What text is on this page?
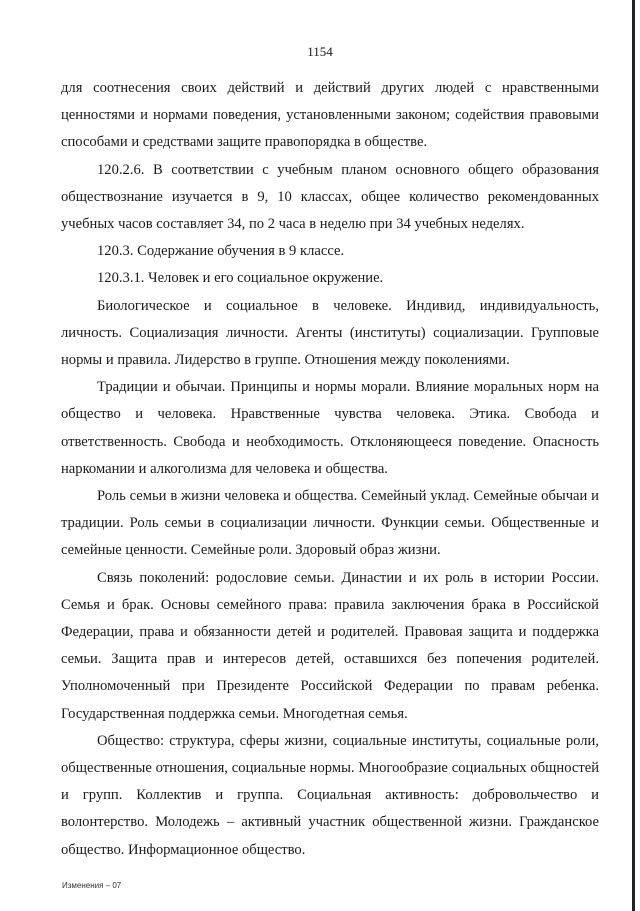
1154

для соотнесения своих действий и действий других людей с нравственными ценностями и нормами поведения, установленными законом; содействия правовыми способами и средствами защите правопорядка в обществе.

120.2.6. В соответствии с учебным планом основного общего образования обществознание изучается в 9, 10 классах, общее количество рекомендованных учебных часов составляет 34, по 2 часа в неделю при 34 учебных неделях.

120.3. Содержание обучения в 9 классе.

120.3.1. Человек и его социальное окружение.

Биологическое и социальное в человеке. Индивид, индивидуальность, личность. Социализация личности. Агенты (институты) социализации. Групповые нормы и правила. Лидерство в группе. Отношения между поколениями.

Традиции и обычаи. Принципы и нормы морали. Влияние моральных норм на общество и человека. Нравственные чувства человека. Этика. Свобода и ответственность. Свобода и необходимость. Отклоняющееся поведение. Опасность наркомании и алкоголизма для человека и общества.

Роль семьи в жизни человека и общества. Семейный уклад. Семейные обычаи и традиции. Роль семьи в социализации личности. Функции семьи. Общественные и семейные ценности. Семейные роли. Здоровый образ жизни.

Связь поколений: родословие семьи. Династии и их роль в истории России. Семья и брак. Основы семейного права: правила заключения брака в Российской Федерации, права и обязанности детей и родителей. Правовая защита и поддержка семьи. Защита прав и интересов детей, оставшихся без попечения родителей. Уполномоченный при Президенте Российской Федерации по правам ребенка. Государственная поддержка семьи. Многодетная семья.

Общество: структура, сферы жизни, социальные институты, социальные роли, общественные отношения, социальные нормы. Многообразие социальных общностей и групп. Коллектив и группа. Социальная активность: добровольчество и волонтерство. Молодежь – активный участник общественной жизни. Гражданское общество. Информационное общество.

Изменения – 07
